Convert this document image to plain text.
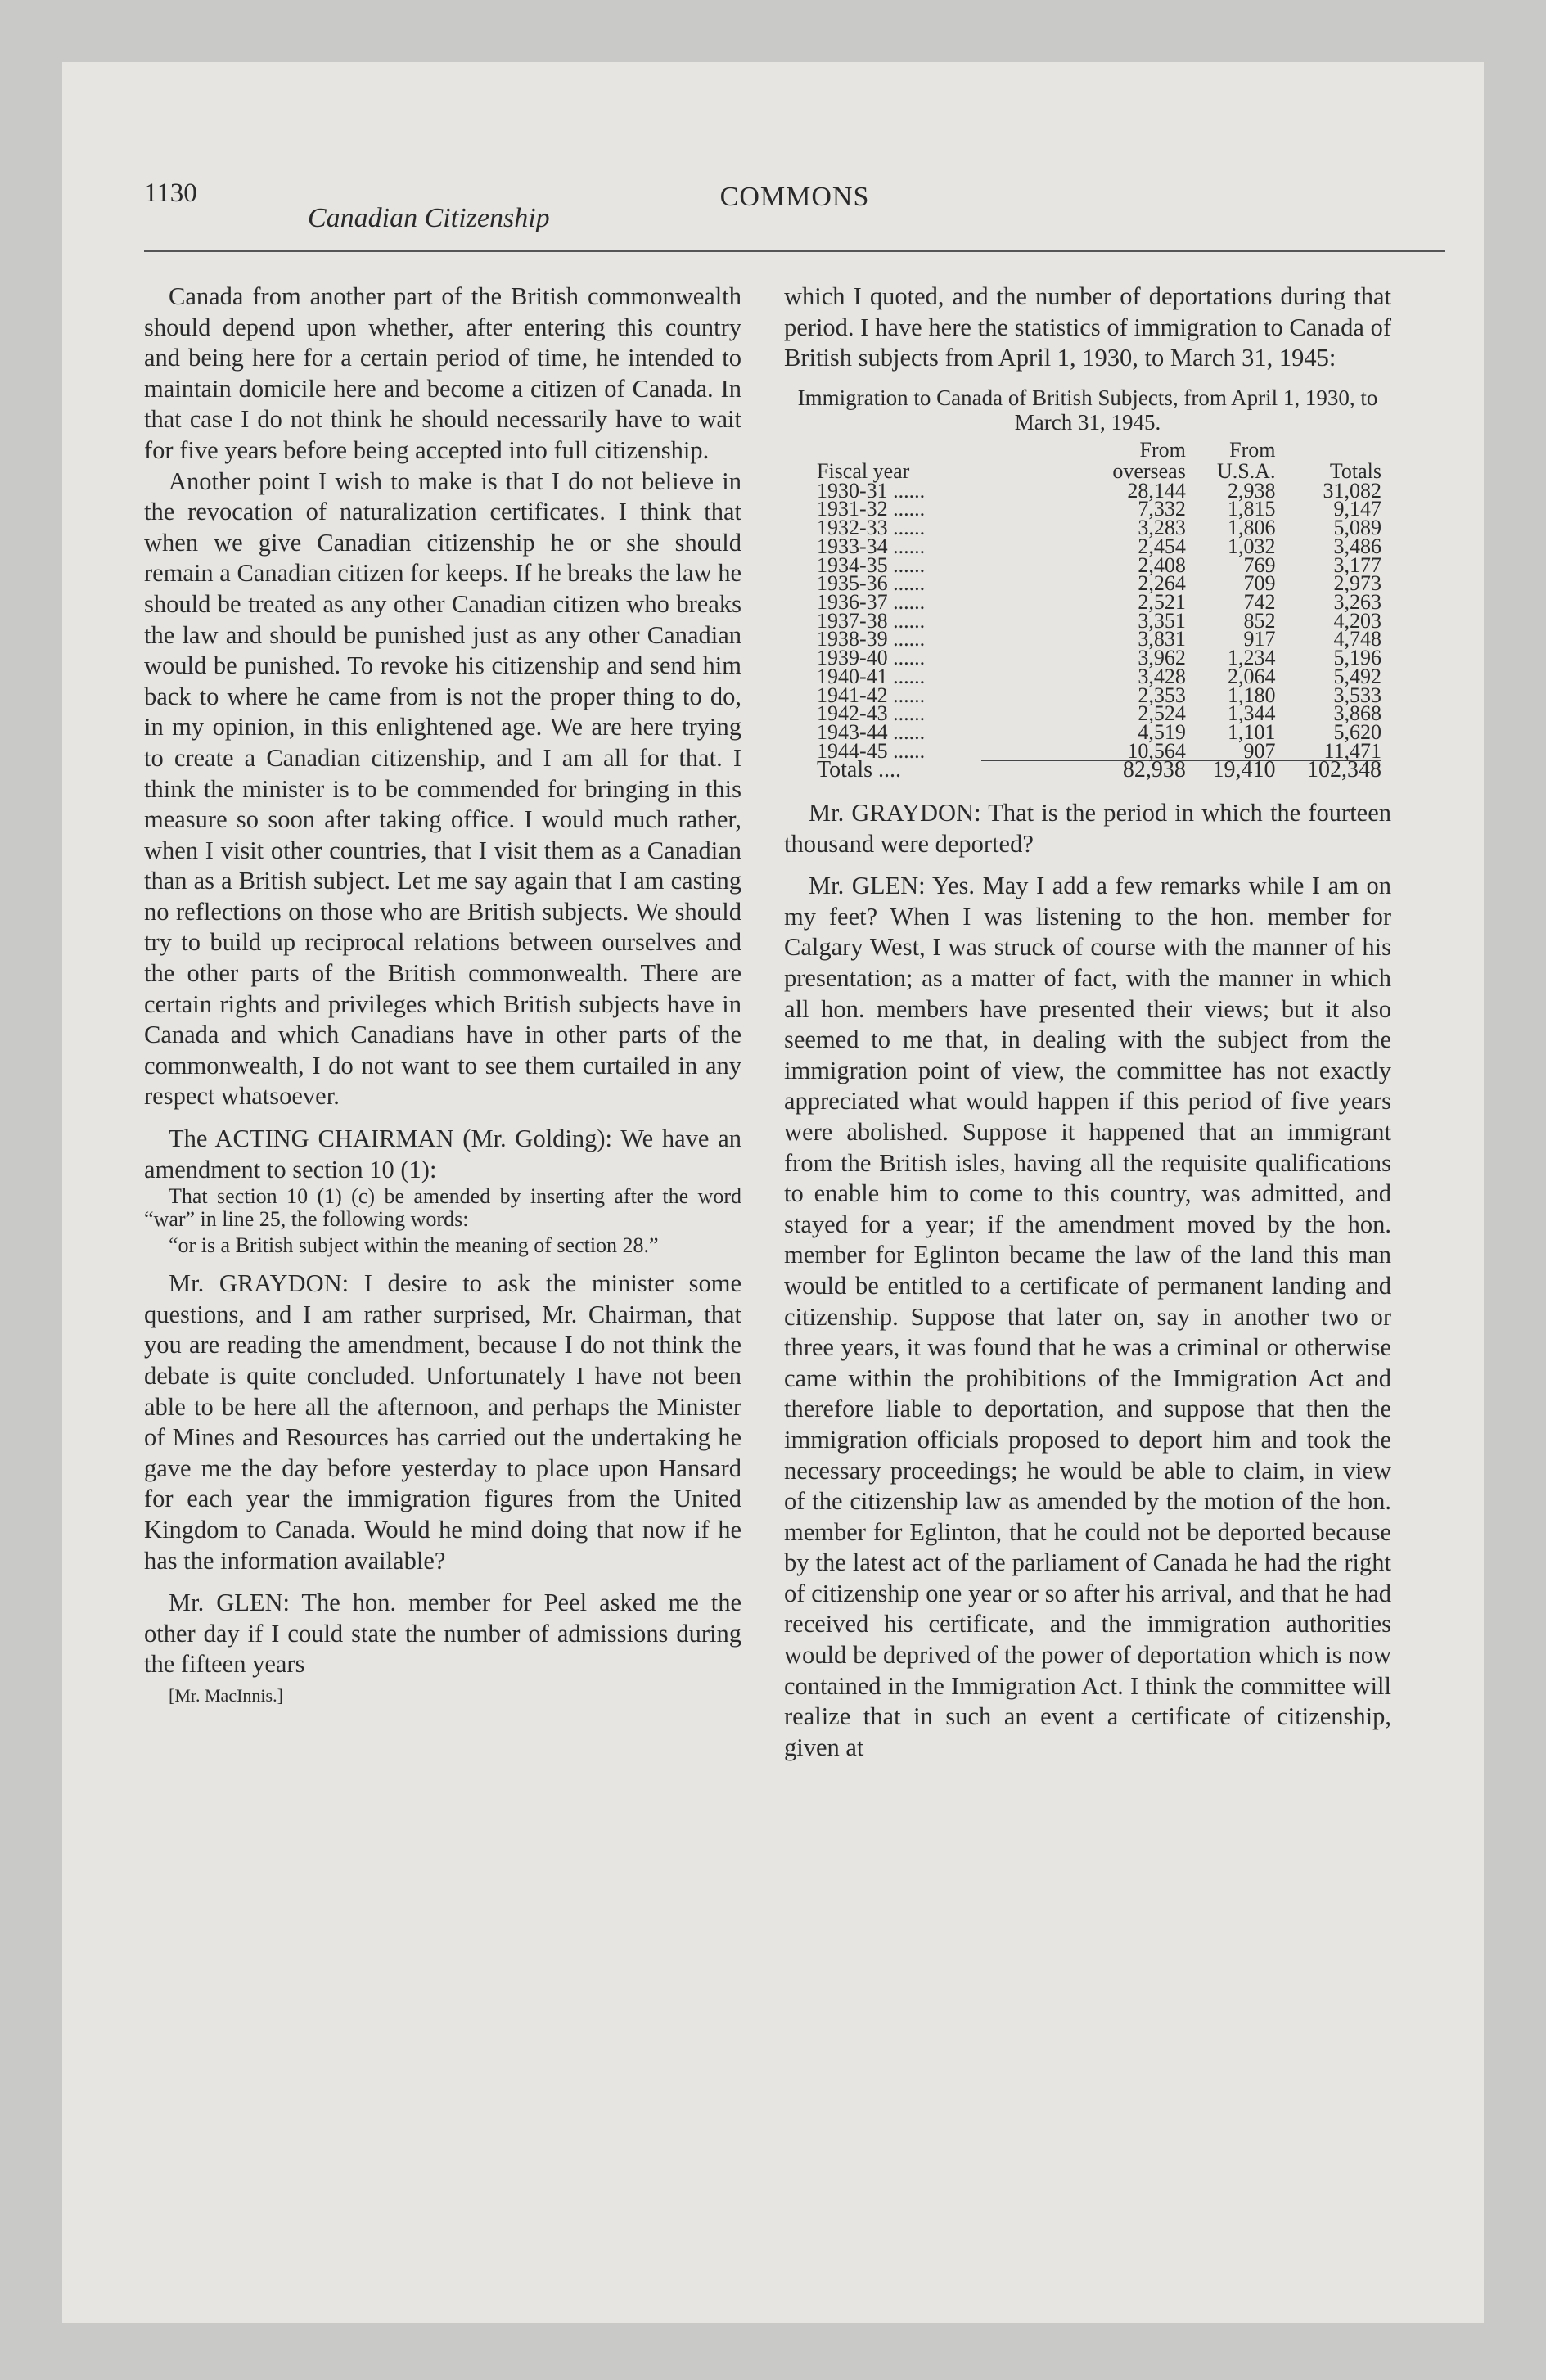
1130	COMMONS
Canadian Citizenship

Canada from another part of the British commonwealth should depend upon whether, after entering this country and being here for a certain period of time, he intended to maintain domicile here and become a citizen of Canada. In that case I do not think he should necessarily have to wait for five years before being accepted into full citizenship.

Another point I wish to make is that I do not believe in the revocation of naturalization certificates. I think that when we give Canadian citizenship he or she should remain a Canadian citizen for keeps. If he breaks the law he should be treated as any other Canadian citizen who breaks the law and should be punished just as any other Canadian would be punished. To revoke his citizenship and send him back to where he came from is not the proper thing to do, in my opinion, in this enlightened age. We are here trying to create a Canadian citizenship, and I am all for that. I think the minister is to be commended for bringing in this measure so soon after taking office. I would much rather, when I visit other countries, that I visit them as a Canadian than as a British subject. Let me say again that I am casting no reflections on those who are British subjects. We should try to build up reciprocal relations between ourselves and the other parts of the British commonwealth. There are certain rights and privileges which British subjects have in Canada and which Canadians have in other parts of the commonwealth, I do not want to see them curtailed in any respect whatsoever.

The ACTING CHAIRMAN (Mr. Golding): We have an amendment to section 10 (1):

That section 10 (1) (c) be amended by inserting after the word “war” in line 25, the following words:

“or is a British subject within the meaning of section 28.”

Mr. GRAYDON: I desire to ask the minister some questions, and I am rather surprised, Mr. Chairman, that you are reading the amendment, because I do not think the debate is quite concluded. Unfortunately I have not been able to be here all the afternoon, and perhaps the Minister of Mines and Resources has carried out the undertaking he gave me the day before yesterday to place upon Hansard for each year the immigration figures from the United Kingdom to Canada. Would he mind doing that now if he has the information available?

Mr. GLEN: The hon. member for Peel asked me the other day if I could state the number of admissions during the fifteen years

[Mr. MacInnis.]

which I quoted, and the number of deportations during that period. I have here the statistics of immigration to Canada of British subjects from April 1, 1930, to March 31, 1945:

Immigration to Canada of British Subjects, from April 1, 1930, to March 31, 1945.
	From	From	
Fiscal year	overseas	U.S.A.	Totals
1930-31 ......	28,144	2,938	31,082
1931-32 ......	7,332	1,815	9,147
1932-33 ......	3,283	1,806	5,089
1933-34 ......	2,454	1,032	3,486
1934-35 ......	2,408	769	3,177
1935-36 ......	2,264	709	2,973
1936-37 ......	2,521	742	3,263
1937-38 ......	3,351	852	4,203
1938-39 ......	3,831	917	4,748
1939-40 ......	3,962	1,234	5,196
1940-41 ......	3,428	2,064	5,492
1941-42 ......	2,353	1,180	3,533
1942-43 ......	2,524	1,344	3,868
1943-44 ......	4,519	1,101	5,620
1944-45 ......	10,564	907	11,471
Totals ....	82,938	19,410	102,348

Mr. GRAYDON: That is the period in which the fourteen thousand were deported?

Mr. GLEN: Yes. May I add a few remarks while I am on my feet? When I was listening to the hon. member for Calgary West, I was struck of course with the manner of his presentation; as a matter of fact, with the manner in which all hon. members have presented their views; but it also seemed to me that, in dealing with the subject from the immigration point of view, the committee has not exactly appreciated what would happen if this period of five years were abolished. Suppose it happened that an immigrant from the British isles, having all the requisite qualifications to enable him to come to this country, was admitted, and stayed for a year; if the amendment moved by the hon. member for Eglinton became the law of the land this man would be entitled to a certificate of permanent landing and citizenship. Suppose that later on, say in another two or three years, it was found that he was a criminal or otherwise came within the prohibitions of the Immigration Act and therefore liable to deportation, and suppose that then the immigration officials proposed to deport him and took the necessary proceedings; he would be able to claim, in view of the citizenship law as amended by the motion of the hon. member for Eglinton, that he could not be deported because by the latest act of the parliament of Canada he had the right of citizenship one year or so after his arrival, and that he had received his certificate, and the immigration authorities would be deprived of the power of deportation which is now contained in the Immigration Act. I think the committee will realize that in such an event a certificate of citizenship, given at
